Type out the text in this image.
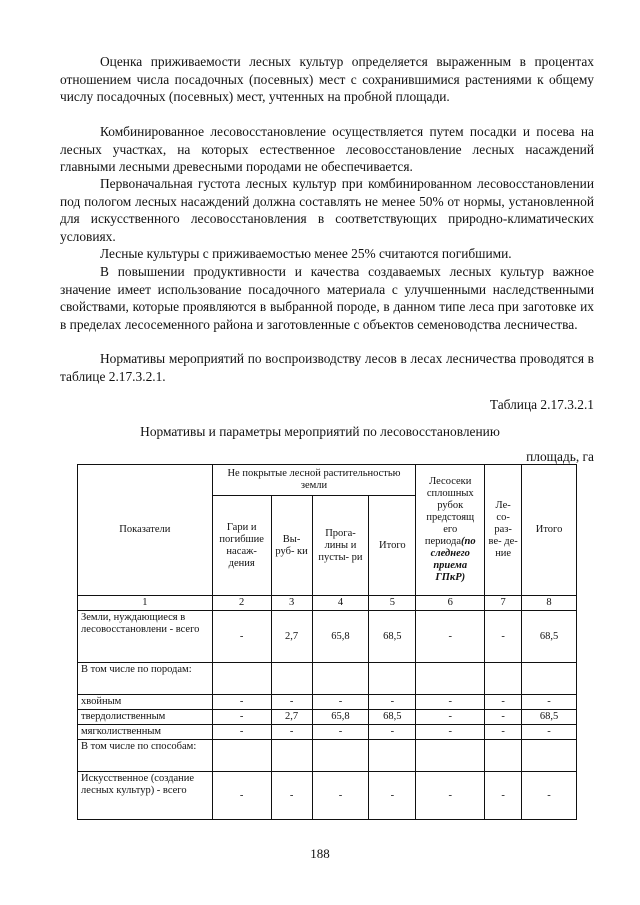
Оценка приживаемости лесных культур определяется выраженным в процентах отношением числа посадочных (посевных) мест с сохранившимися растениями к общему числу посадочных (посевных) мест, учтенных на пробной площади.

Комбинированное лесовосстановление осуществляется путем посадки и посева на лесных участках, на которых естественное лесовосстановление лесных насаждений главными лесными древесными породами не обеспечивается.

Первоначальная густота лесных культур при комбинированном лесовосстановлении под пологом лесных насаждений должна составлять не менее 50% от нормы, установленной для искусственного лесовосстановления в соответствующих природно-климатических условиях.

Лесные культуры с приживаемостью менее 25% считаются погибшими.

В повышении продуктивности и качества создаваемых лесных культур важное значение имеет использование посадочного материала с улучшенными наследственными свойствами, которые проявляются в выбранной породе, в данном типе леса при заготовке их в пределах лесосеменного района и заготовленные с объектов семеноводства лесничества.

Нормативы мероприятий по воспроизводству лесов в лесах лесничества проводятся в таблице 2.17.3.2.1.

Таблица 2.17.3.2.1
Нормативы и параметры мероприятий по лесовосстановлению
площадь, га
Показатели	Не покрытые лесной растительностью земли				Лесосеки сплошных рубок предстоящ его периода(по следнего приема ГПкР)	Ле- со- раз- ве- де- ние	Итого
	Гари и погибшие насаж- дения	Вы- руб- ки	Прога- лины и пусты- ри	Итого			
1	2	3	4	5	6	7	8
Земли, нуждающиеся в лесовосстановлени - всего	-	2,7	65,8	68,5	-	-	68,5
В том числе по породам:							
хвойным	-	-	-	-	-	-	-
твердолиственным	-	2,7	65,8	68,5	-	-	68,5
мягколиственным	-	-	-	-	-	-	-
В том числе по способам:							
Искусственное (создание лесных культур) - всего	-	-	-	-	-	-	-
188
